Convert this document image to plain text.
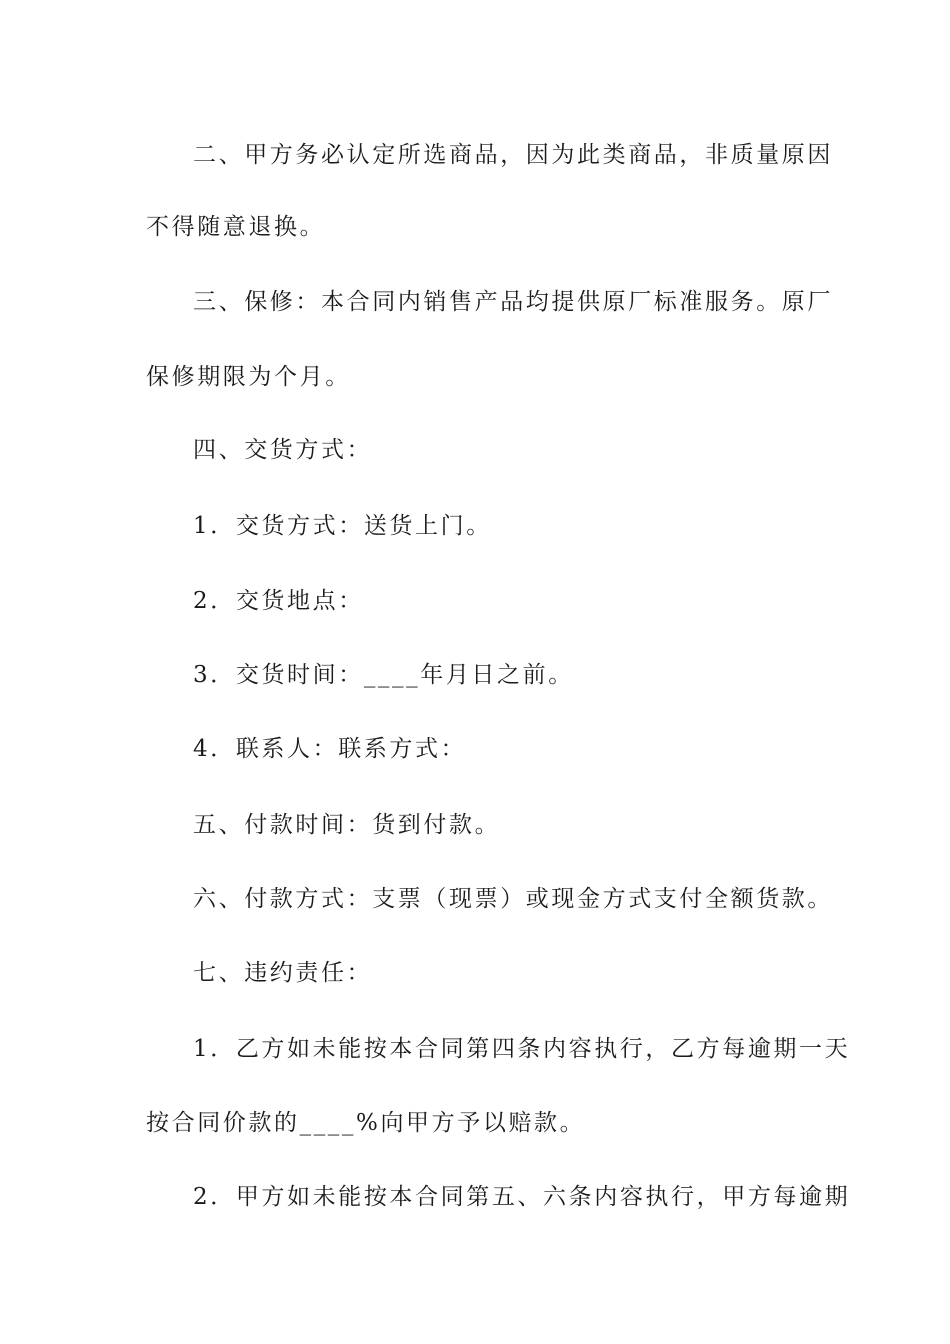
二、甲方务必认定所选商品，因为此类商品，非质量原因
不得随意退换。
三、保修：本合同内销售产品均提供原厂标准服务。原厂
保修期限为个月。
四、交货方式：
1．交货方式：送货上门。
2．交货地点：
3．交货时间：____年月日之前。
4．联系人：联系方式：
五、付款时间：货到付款。
六、付款方式：支票（现票）或现金方式支付全额货款。
七、违约责任：
1．乙方如未能按本合同第四条内容执行，乙方每逾期一天
按合同价款的____%向甲方予以赔款。
2．甲方如未能按本合同第五、六条内容执行，甲方每逾期
